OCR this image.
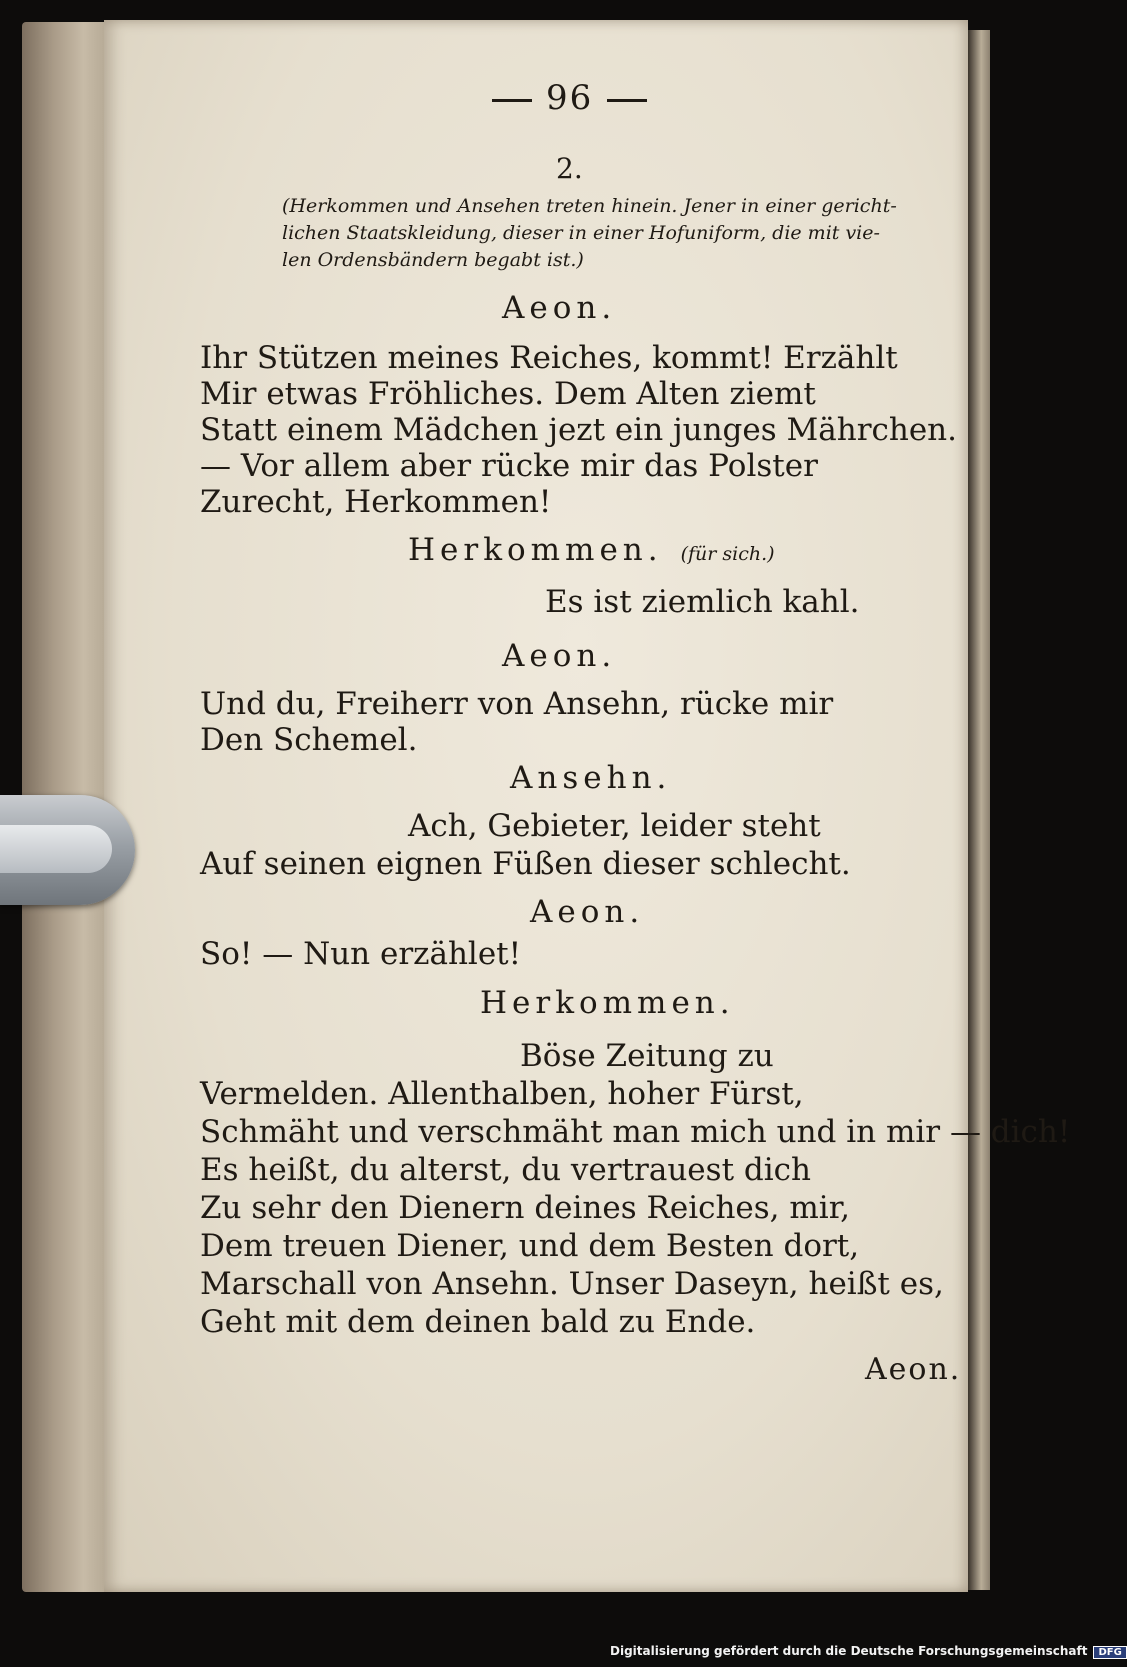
96
2.
(Herkommen und Ansehen treten hinein. Jener in einer gericht-
lichen Staatskleidung, dieser in einer Hofuniform, die mit vie-
len Ordensbändern begabt ist.)
Aeon.
Ihr Stützen meines Reiches, kommt! Erzählt
Mir etwas Fröhliches. Dem Alten ziemt
Statt einem Mädchen jezt ein junges Mährchen.
— Vor allem aber rücke mir das Polster
Zurecht, Herkommen!
Herkommen. (für sich.)
Es ist ziemlich kahl.
Aeon.
Und du, Freiherr von Ansehn, rücke mir
Den Schemel.
Ansehn.
Ach, Gebieter, leider steht
Auf seinen eignen Füßen dieser schlecht.
Aeon.
So! — Nun erzählet!
Herkommen.
Böse Zeitung zu
Vermelden. Allenthalben, hoher Fürst,
Schmäht und verschmäht man mich und in mir — dich!
Es heißt, du alterst, du vertrauest dich
Zu sehr den Dienern deines Reiches, mir,
Dem treuen Diener, und dem Besten dort,
Marschall von Ansehn. Unser Daseyn, heißt es,
Geht mit dem deinen bald zu Ende.
Aeon.
Digitalisierung gefördert durch die Deutsche Forschungsgemeinschaft DFG
